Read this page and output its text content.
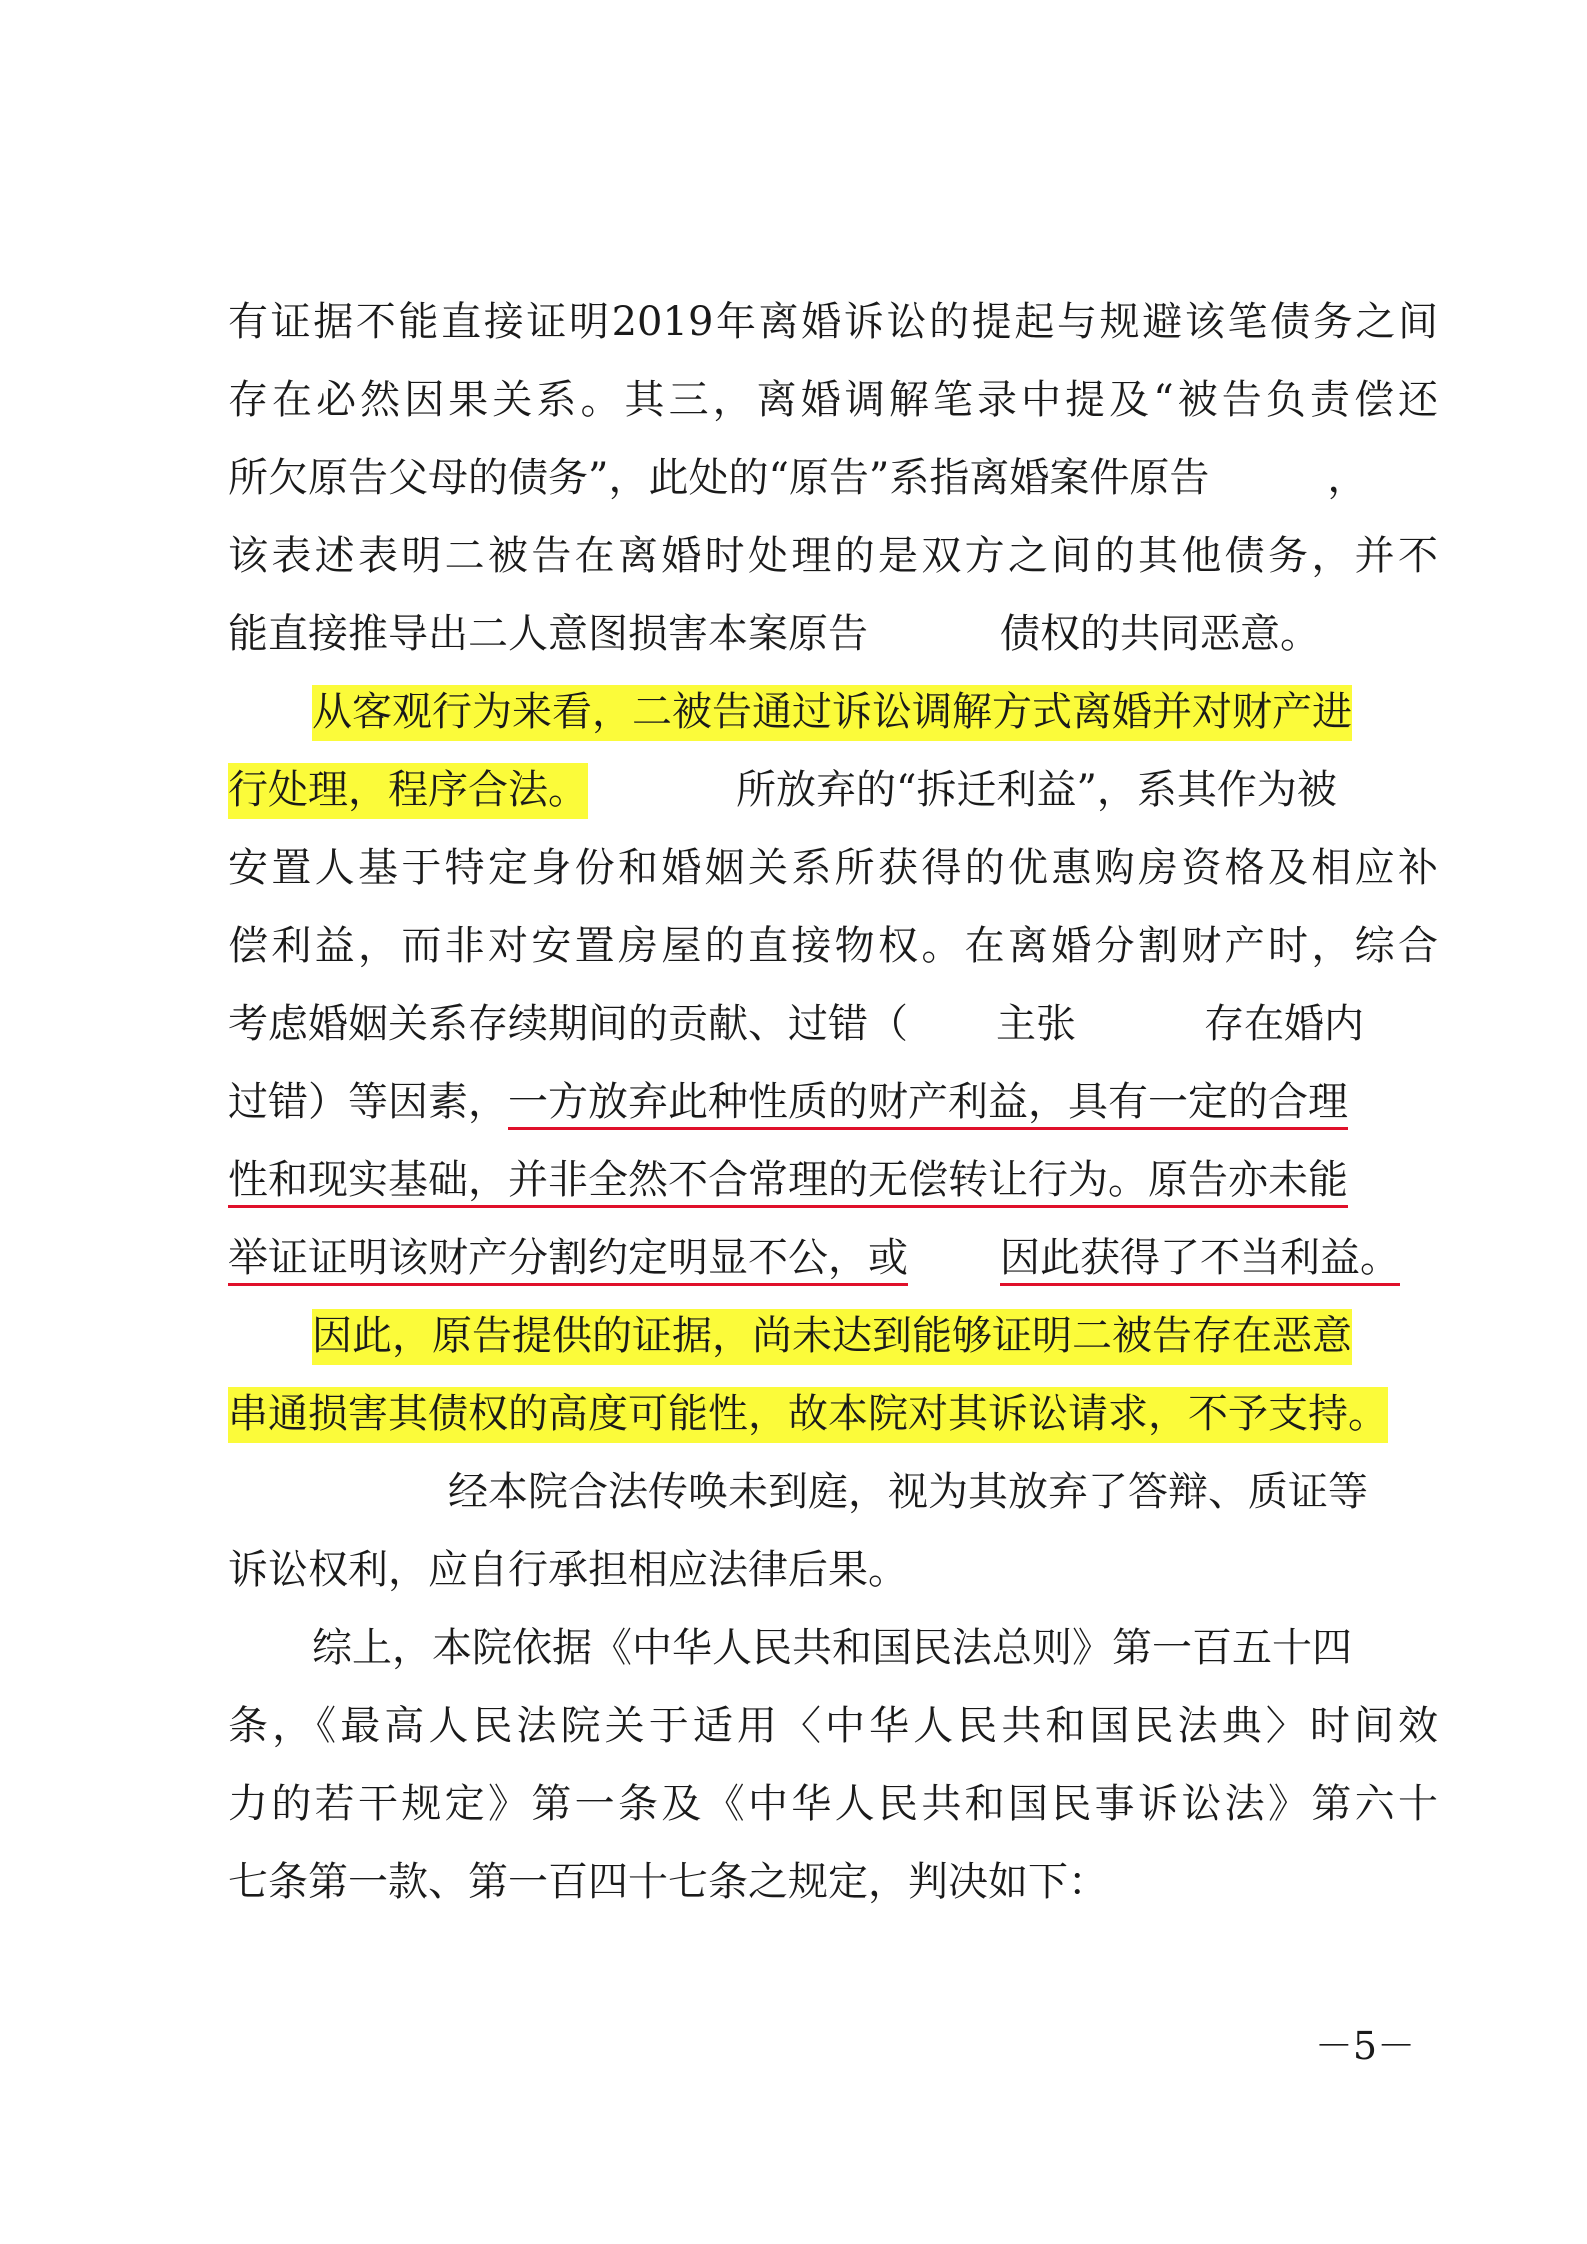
有证据不能直接证明2019年离婚诉讼的提起与规避该笔债务之间
存在必然因果关系。其三，离婚调解笔录中提及“被告负责偿还
所欠原告父母的债务”，此处的“原告”系指离婚案件原告	，
该表述表明二被告在离婚时处理的是双方之间的其他债务，并不
能直接推导出二人意图损害本案原告	债权的共同恶意。
从客观行为来看，二被告通过诉讼调解方式离婚并对财产进
行处理，程序合法。	所放弃的“拆迁利益”，系其作为被
安置人基于特定身份和婚姻关系所获得的优惠购房资格及相应补
偿利益，而非对安置房屋的直接物权。在离婚分割财产时，综合
考虑婚姻关系存续期间的贡献、过错（ 主张	存在婚内
过错）等因素，一方放弃此种性质的财产利益，具有一定的合理
性和现实基础，并非全然不合常理的无偿转让行为。原告亦未能
举证证明该财产分割约定明显不公，或 因此获得了不当利益。
因此，原告提供的证据，尚未达到能够证明二被告存在恶意
串通损害其债权的高度可能性，故本院对其诉讼请求，不予支持。
经本院合法传唤未到庭，视为其放弃了答辩、质证等
诉讼权利，应自行承担相应法律后果。
综上，本院依据《中华人民共和国民法总则》第一百五十四
条，《最高人民法院关于适用〈中华人民共和国民法典〉时间效
力的若干规定》第一条及《中华人民共和国民事诉讼法》第六十
七条第一款、第一百四十七条之规定，判决如下：
－5－
